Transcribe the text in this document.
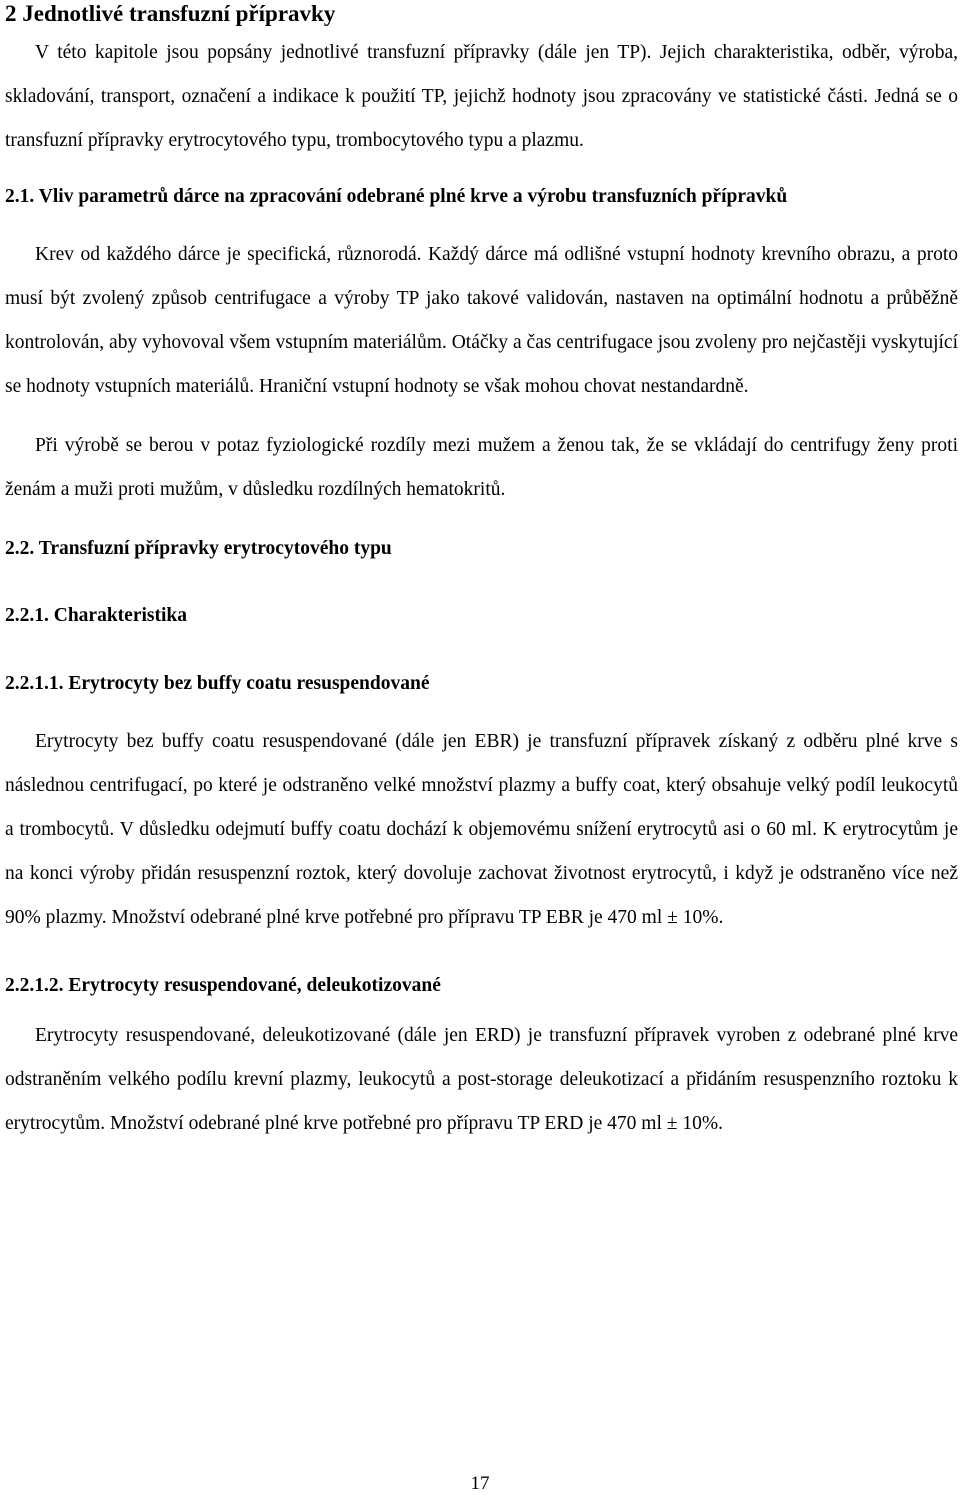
2 Jednotlivé transfuzní přípravky

V této kapitole jsou popsány jednotlivé transfuzní přípravky (dále jen TP). Jejich charakteristika, odběr, výroba, skladování, transport, označení a indikace k použití TP, jejichž hodnoty jsou zpracovány ve statistické části. Jedná se o transfuzní přípravky erytrocytového typu, trombocytového typu a plazmu.

2.1. Vliv parametrů dárce na zpracování odebrané plné krve a výrobu transfuzních přípravků

Krev od každého dárce je specifická, různorodá. Každý dárce má odlišné vstupní hodnoty krevního obrazu, a proto musí být zvolený způsob centrifugace a výroby TP jako takové validován, nastaven na optimální hodnotu a průběžně kontrolován, aby vyhovoval všem vstupním materiálům. Otáčky a čas centrifugace jsou zvoleny pro nejčastěji vyskytující se hodnoty vstupních materiálů. Hraniční vstupní hodnoty se však mohou chovat nestandardně.

Při výrobě se berou v potaz fyziologické rozdíly mezi mužem a ženou tak, že se vkládají do centrifugy ženy proti ženám a muži proti mužům, v důsledku rozdílných hematokritů.

2.2. Transfuzní přípravky erytrocytového typu
2.2.1. Charakteristika
2.2.1.1. Erytrocyty bez buffy coatu resuspendované

Erytrocyty bez buffy coatu resuspendované (dále jen EBR) je transfuzní přípravek získaný z odběru plné krve s následnou centrifugací, po které je odstraněno velké množství plazmy a buffy coat, který obsahuje velký podíl leukocytů a trombocytů. V důsledku odejmutí buffy coatu dochází k objemovému snížení erytrocytů asi o 60 ml. K erytrocytům je na konci výroby přidán resuspenzní roztok, který dovoluje zachovat životnost erytrocytů, i když je odstraněno více než 90% plazmy. Množství odebrané plné krve potřebné pro přípravu TP EBR je 470 ml ± 10%.

2.2.1.2. Erytrocyty resuspendované, deleukotizované

Erytrocyty resuspendované, deleukotizované (dále jen ERD) je transfuzní přípravek vyroben z odebrané plné krve odstraněním velkého podílu krevní plazmy, leukocytů a post-storage deleukotizací a přidáním resuspenzního roztoku k erytrocytům. Množství odebrané plné krve potřebné pro přípravu TP ERD je 470 ml ± 10%.

17
